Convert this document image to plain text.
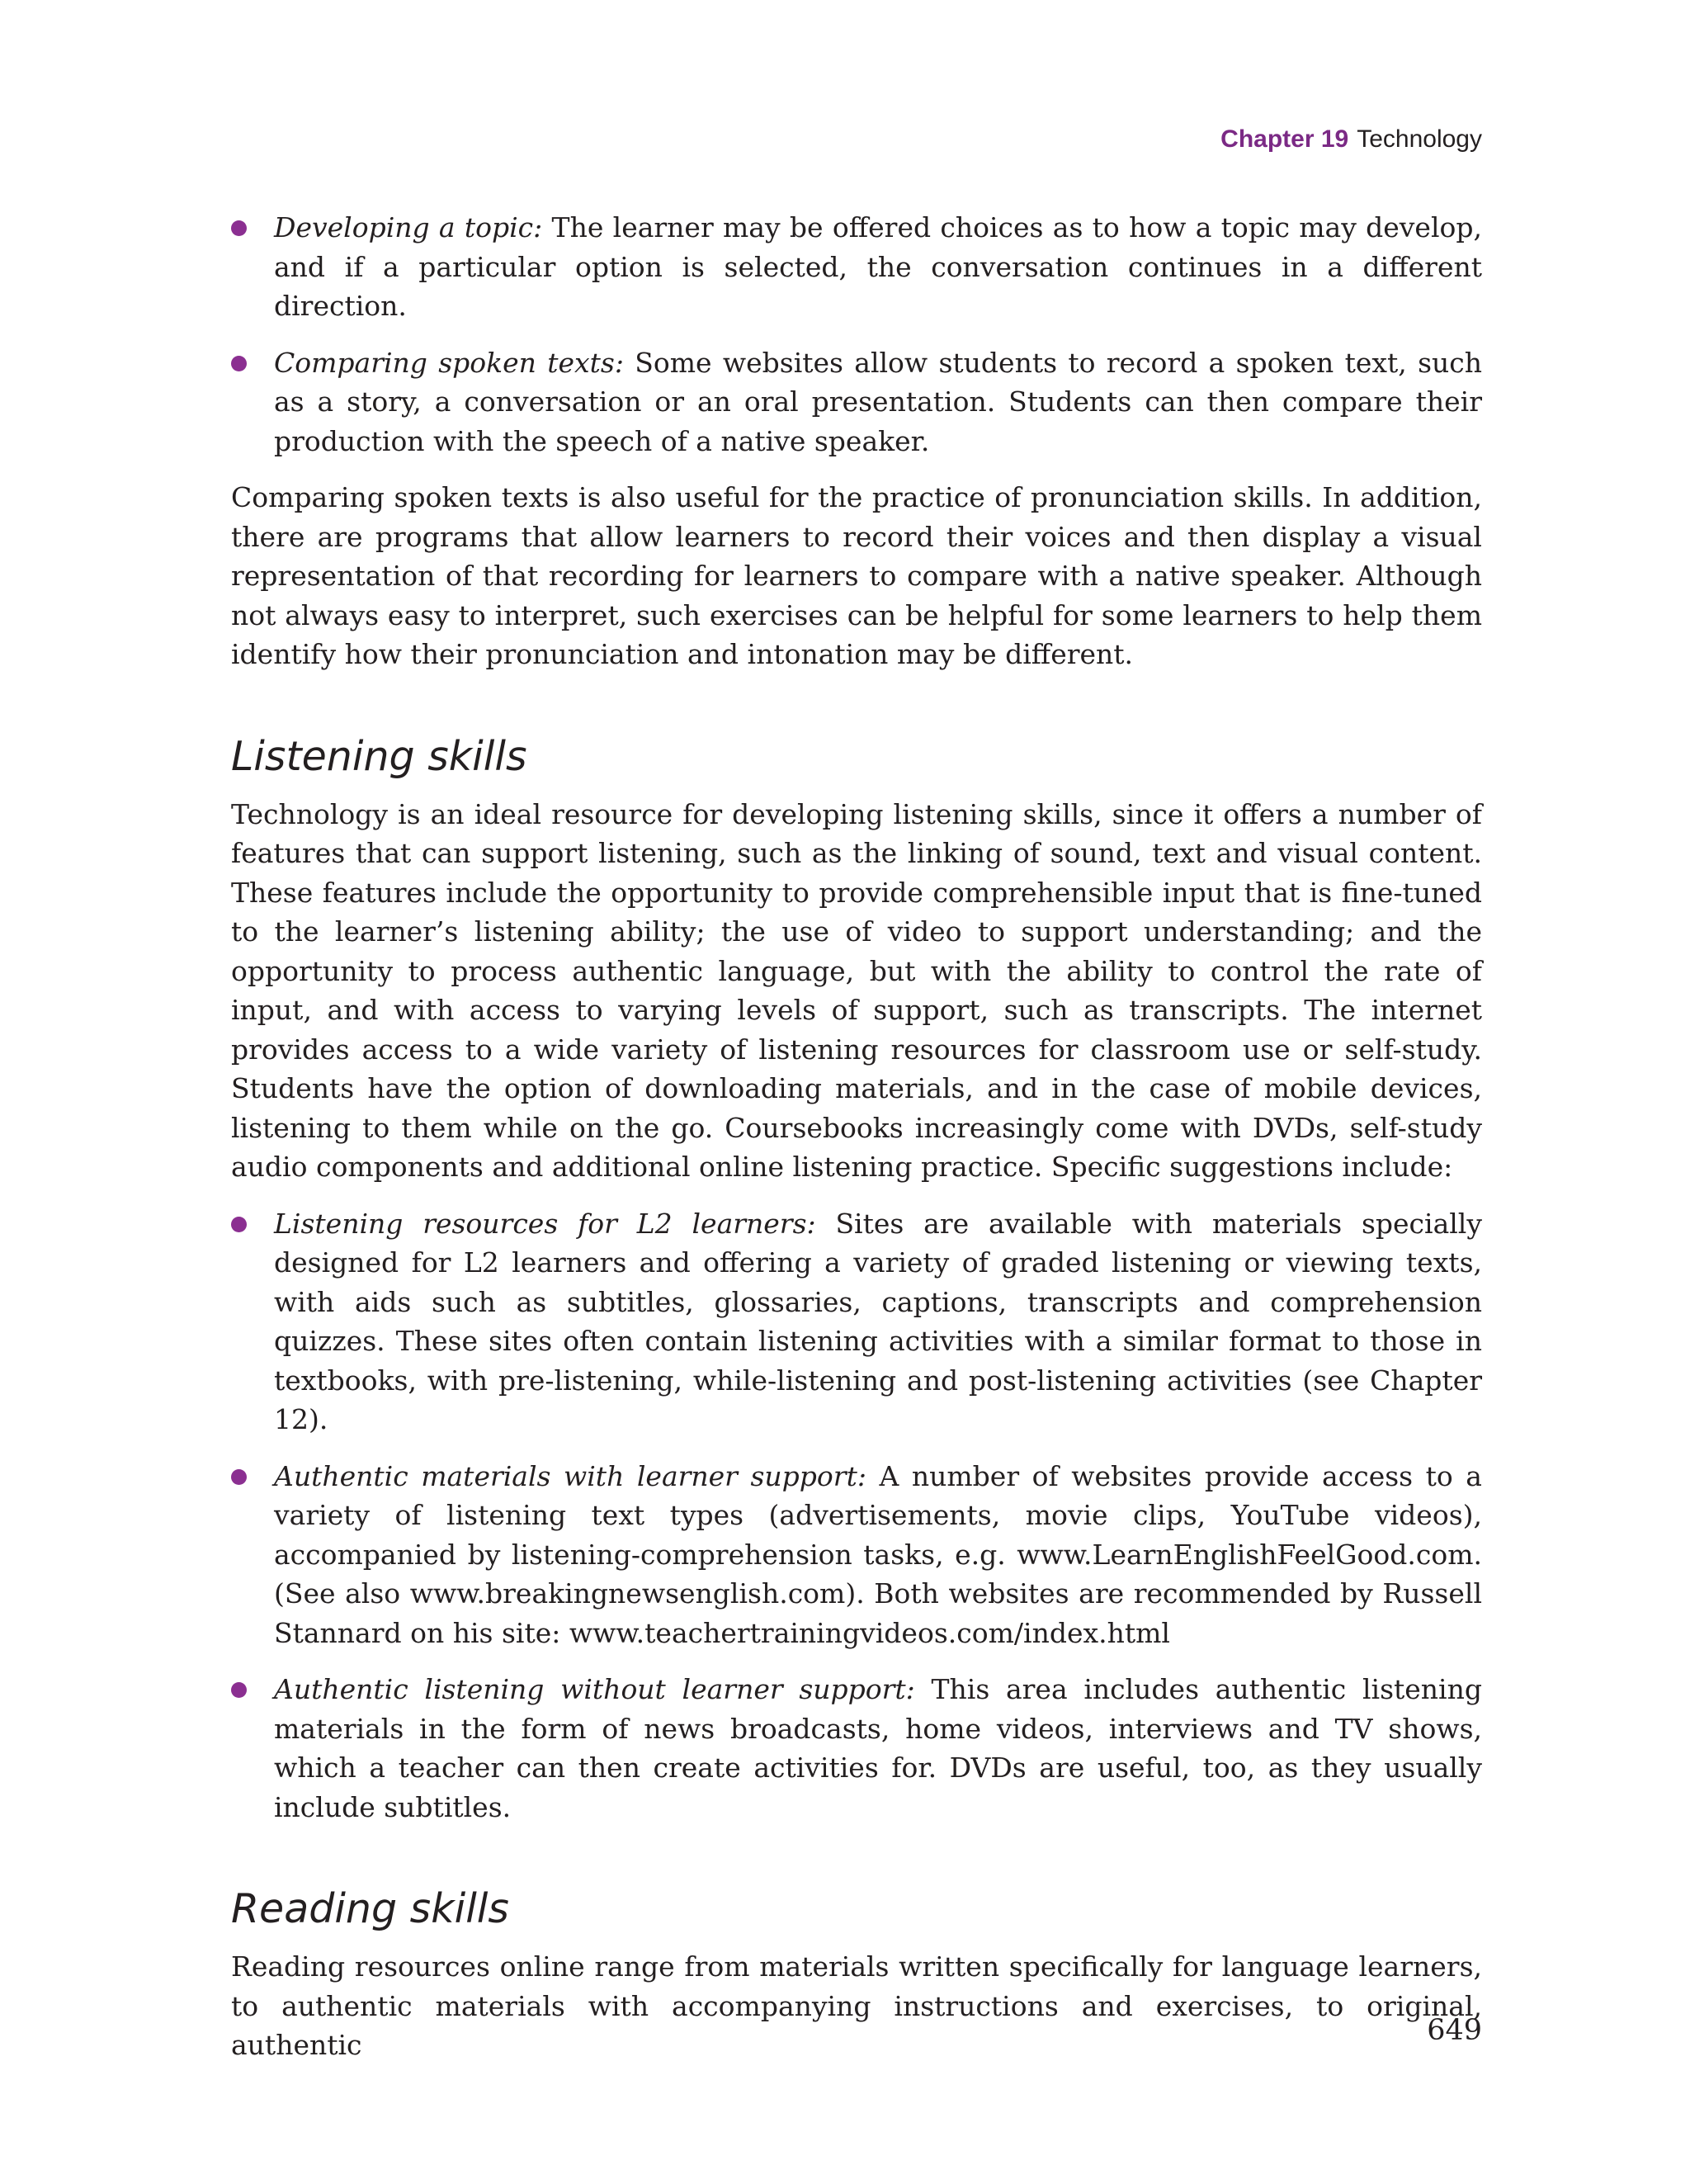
Chapter 19 Technology
Developing a topic: The learner may be offered choices as to how a topic may develop, and if a particular option is selected, the conversation continues in a different direction.
Comparing spoken texts: Some websites allow students to record a spoken text, such as a story, a conversation or an oral presentation. Students can then compare their production with the speech of a native speaker.

Comparing spoken texts is also useful for the practice of pronunciation skills. In addition, there are programs that allow learners to record their voices and then display a visual representation of that recording for learners to compare with a native speaker. Although not always easy to interpret, such exercises can be helpful for some learners to help them identify how their pronunciation and intonation may be different.

Listening skills

Technology is an ideal resource for developing listening skills, since it offers a number of features that can support listening, such as the linking of sound, text and visual content. These features include the opportunity to provide comprehensible input that is fine-tuned to the learner’s listening ability; the use of video to support understanding; and the opportunity to process authentic language, but with the ability to control the rate of input, and with access to varying levels of support, such as transcripts. The internet provides access to a wide variety of listening resources for classroom use or self-study. Students have the option of downloading materials, and in the case of mobile devices, listening to them while on the go. Coursebooks increasingly come with DVDs, self-study audio components and additional online listening practice. Specific suggestions include:

Listening resources for L2 learners: Sites are available with materials specially designed for L2 learners and offering a variety of graded listening or viewing texts, with aids such as subtitles, glossaries, captions, transcripts and comprehension quizzes. These sites often contain listening activities with a similar format to those in textbooks, with pre-listening, while-listening and post-listening activities (see Chapter 12).
Authentic materials with learner support: A number of websites provide access to a variety of listening text types (advertisements, movie clips, YouTube videos), accompanied by listening-comprehension tasks, e.g. www.LearnEnglishFeelGood.com. (See also www.breakingnewsenglish.com). Both websites are recommended by Russell Stannard on his site: www.teachertrainingvideos.com/index.html
Authentic listening without learner support: This area includes authentic listening materials in the form of news broadcasts, home videos, interviews and TV shows, which a teacher can then create activities for. DVDs are useful, too, as they usually include subtitles.
Reading skills

Reading resources online range from materials written specifically for language learners, to authentic materials with accompanying instructions and exercises, to original, authentic	649
